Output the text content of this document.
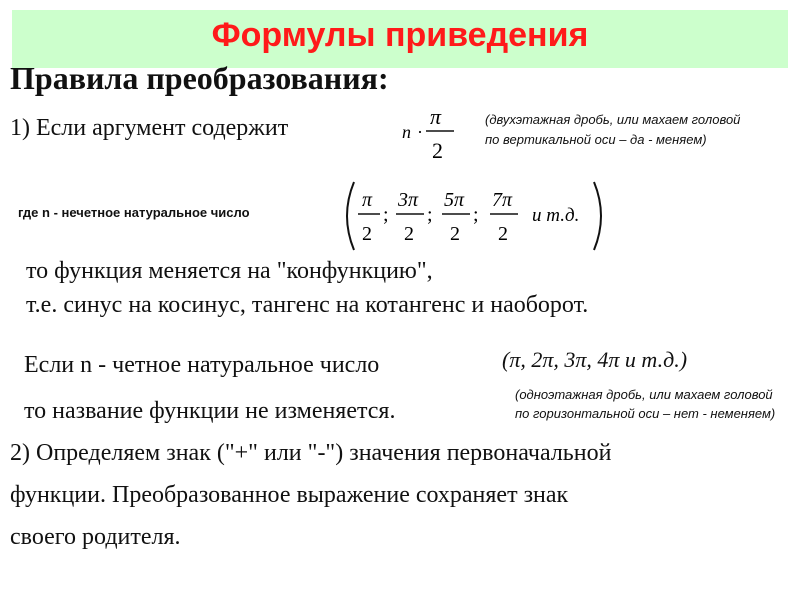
Формулы приведения
Правила преобразования:
1) Если аргумент содержит	n ·
π
2
(двухэтажная дробь, или махаем головой
по вертикальной оси – да - меняем)
где n - нечетное натуральное число
π
2
;
3π
2
;
5π
2
;
7π
2
и т.д.
то функция меняется на "конфункцию",
т.е. синус на косинус, тангенс на котангенс и наоборот.
Если n - четное натуральное число	(π, 2π, 3π, 4π и т.д.)
(одноэтажная дробь, или махаем головой
по горизонтальной оси – нет - неменяем)
то название функции не изменяется.
2) Определяем знак ("+" или "-") значения первоначальной
функции. Преобразованное выражение сохраняет знак
своего родителя.
